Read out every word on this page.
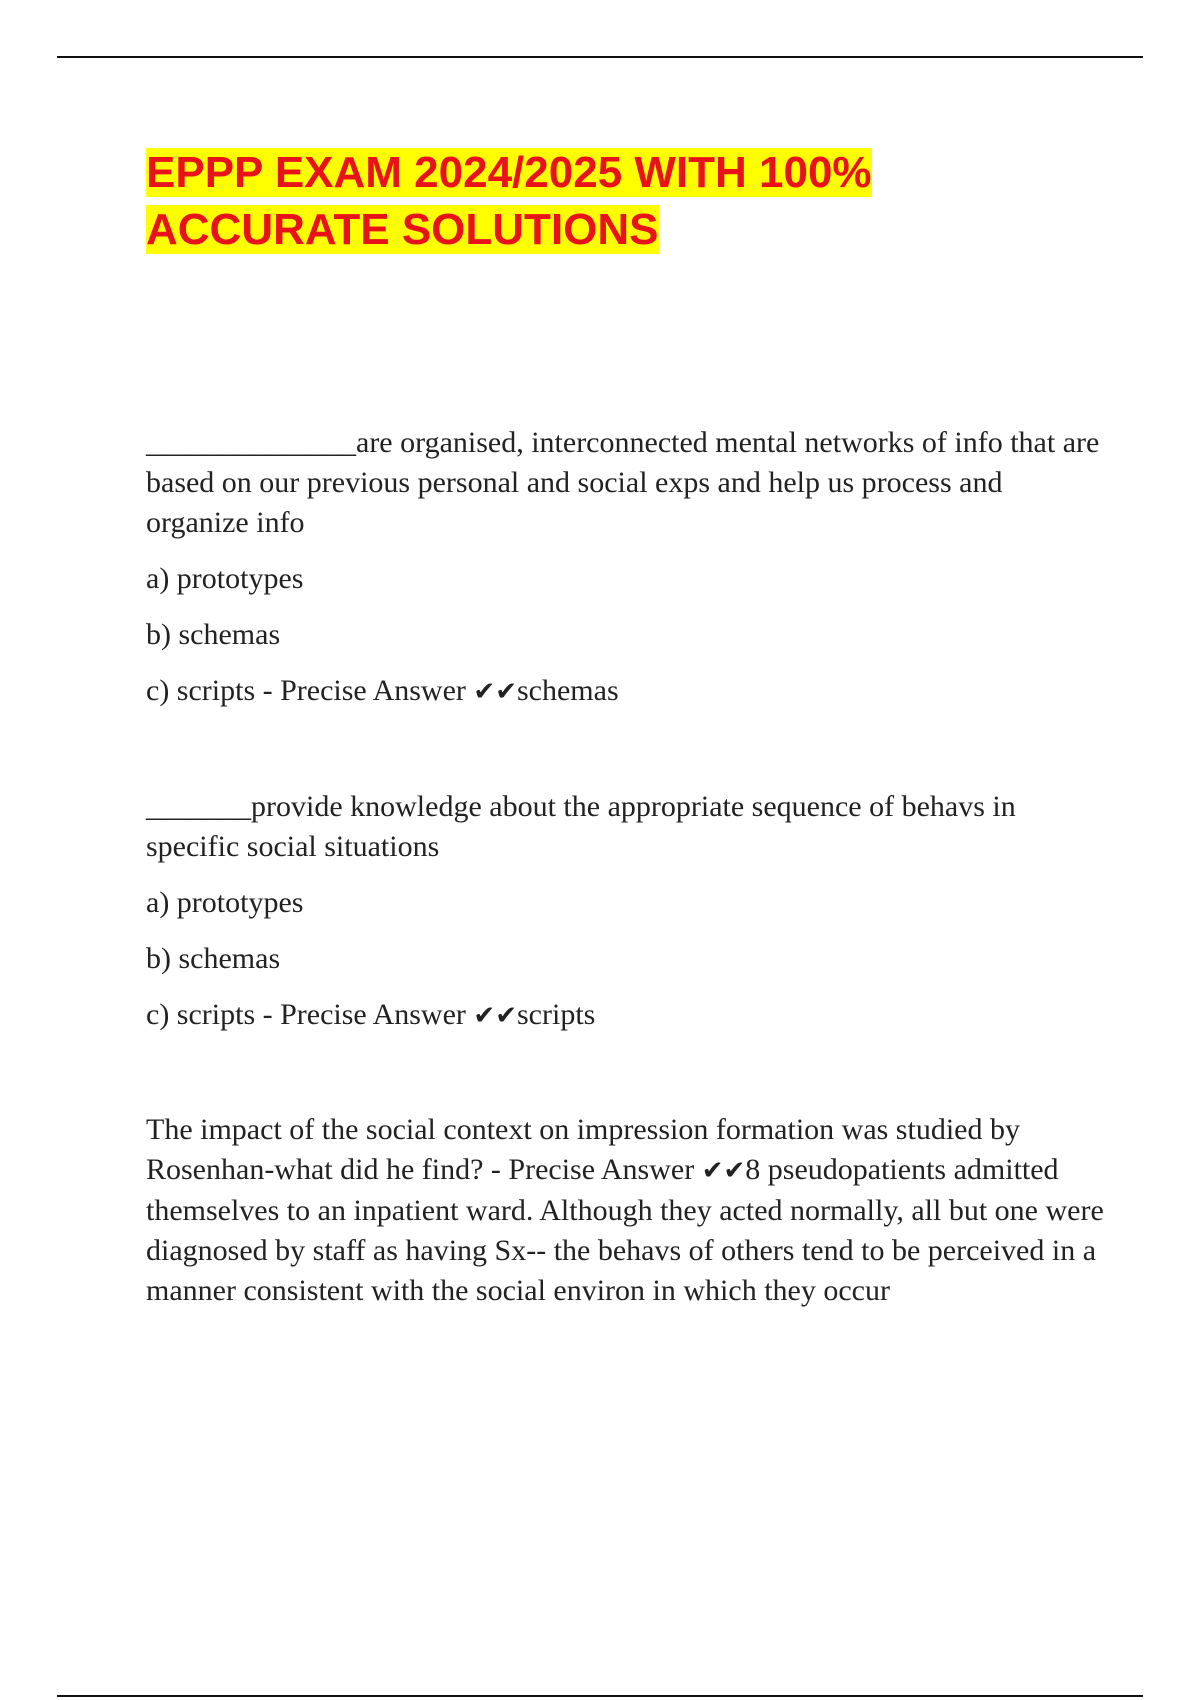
EPPP EXAM 2024/2025 WITH 100%
ACCURATE SOLUTIONS

______________are organised, interconnected mental networks of info that are based on our previous personal and social exps and help us process and organize info

a) prototypes

b) schemas

c) scripts - Precise Answer ✔✔schemas

_______provide knowledge about the appropriate sequence of behavs in specific social situations

a) prototypes

b) schemas

c) scripts - Precise Answer ✔✔scripts

The impact of the social context on impression formation was studied by Rosenhan-what did he find? - Precise Answer ✔✔8 pseudopatients admitted themselves to an inpatient ward. Although they acted normally, all but one were diagnosed by staff as having Sx-- the behavs of others tend to be perceived in a manner consistent with the social environ in which they occur
